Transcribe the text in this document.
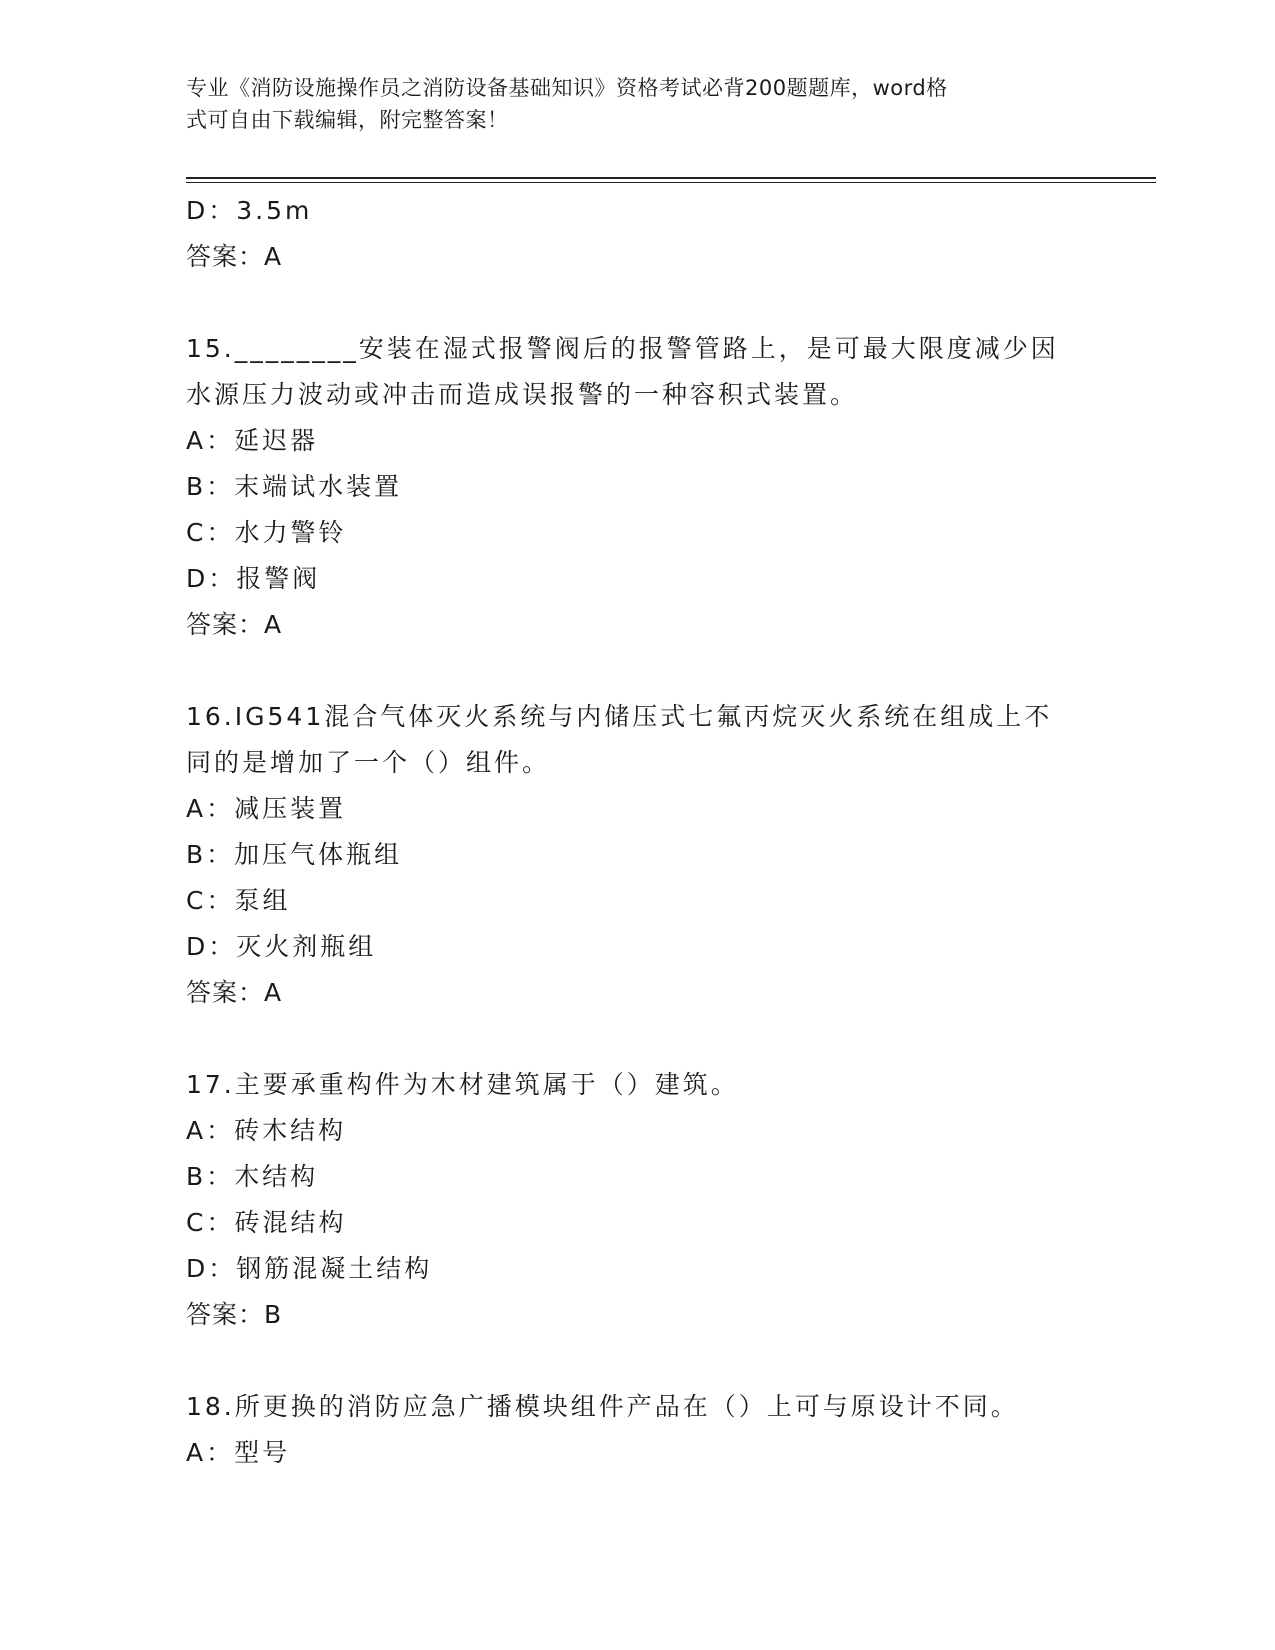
专业《消防设施操作员之消防设备基础知识》资格考试必背200题题库，word格
式可自由下载编辑，附完整答案！
D：3.5m
答案：A
15.________安装在湿式报警阀后的报警管路上，是可最大限度减少因
水源压力波动或冲击而造成误报警的一种容积式装置。
A：延迟器
B：末端试水装置
C：水力警铃
D：报警阀
答案：A
16.IG541混合气体灭火系统与内储压式七氟丙烷灭火系统在组成上不
同的是增加了一个（）组件。
A：减压装置
B：加压气体瓶组
C：泵组
D：灭火剂瓶组
答案：A
17.主要承重构件为木材建筑属于（）建筑。
A：砖木结构
B：木结构
C：砖混结构
D：钢筋混凝土结构
答案：B
18.所更换的消防应急广播模块组件产品在（）上可与原设计不同。
A：型号
